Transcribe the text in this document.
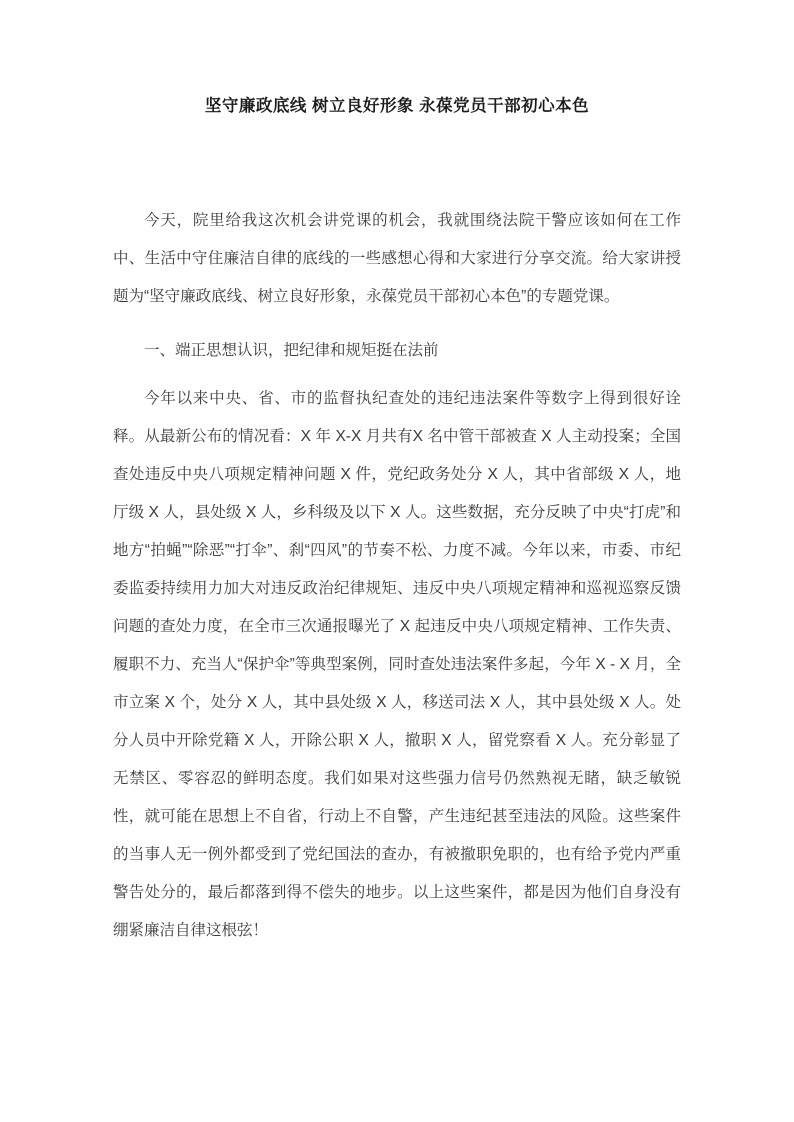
坚守廉政底线 树立良好形象 永葆党员干部初心本色

今天，院里给我这次机会讲党课的机会，我就围绕法院干警应该如何在工作中、生活中守住廉洁自律的底线的一些感想心得和大家进行分享交流。给大家讲授题为“坚守廉政底线、树立良好形象，永葆党员干部初心本色”的专题党课。

一、端正思想认识，把纪律和规矩挺在法前

今年以来中央、省、市的监督执纪查处的违纪违法案件等数字上得到很好诠释。从最新公布的情况看：X 年 X-X 月共有X 名中管干部被查 X 人主动投案；全国查处违反中央八项规定精神问题 X 件，党纪政务处分 X 人，其中省部级 X 人，地厅级 X 人，县处级 X 人，乡科级及以下 X 人。这些数据，充分反映了中央“打虎”和地方“拍蝇”“除恶”“打伞”、刹“四风”的节奏不松、力度不减。今年以来，市委、市纪委监委持续用力加大对违反政治纪律规矩、违反中央八项规定精神和巡视巡察反馈问题的查处力度，在全市三次通报曝光了 X 起违反中央八项规定精神、工作失责、履职不力、充当人“保护伞”等典型案例，同时查处违法案件多起，今年 X - X 月，全市立案 X 个，处分 X 人，其中县处级 X 人，移送司法 X 人，其中县处级 X 人。处分人员中开除党籍 X 人，开除公职 X 人，撤职 X 人，留党察看 X 人。充分彰显了无禁区、零容忍的鲜明态度。我们如果对这些强力信号仍然熟视无睹，缺乏敏锐性，就可能在思想上不自省，行动上不自警，产生违纪甚至违法的风险。这些案件的当事人无一例外都受到了党纪国法的查办，有被撤职免职的，也有给予党内严重警告处分的，最后都落到得不偿失的地步。以上这些案件，都是因为他们自身没有绷紧廉洁自律这根弦！
